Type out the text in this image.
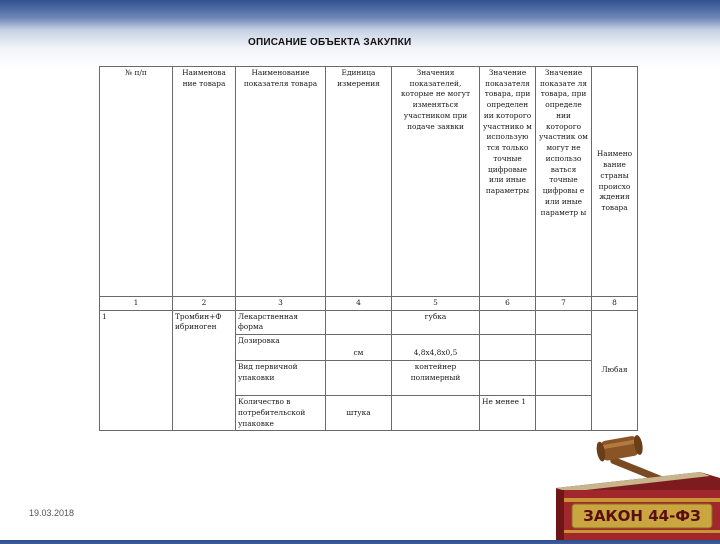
ОПИСАНИЕ ОБЪЕКТА ЗАКУПКИ
№ п/п	Наименова ние товара	Наименование показателя товара	Единица измерения	Значения показателей, которые не могут изменяться участником при подаче заявки	Значение показателя товара, при определен ии которого участнико м использую тся только точные цифровые или иные параметры	Значение показате ля товара, при определе нии которого участник ом могут не использо ваться точные цифровы е или иные параметр ы	Наимено вание страны происхо ждения товара
1	2	3	4	5	6	7	8
1	Тромбин+Ф ибриноген	Лекарственная форма		губка			Любая
		Дозировка	см	4,8х4,8х0,5			
		Вид первичной упаковки		контейнер полимерный			
		Количество в потребительской упаковке	штука		Не менее 1		
19.03.2018	ЗАКОН 44-ФЗ
